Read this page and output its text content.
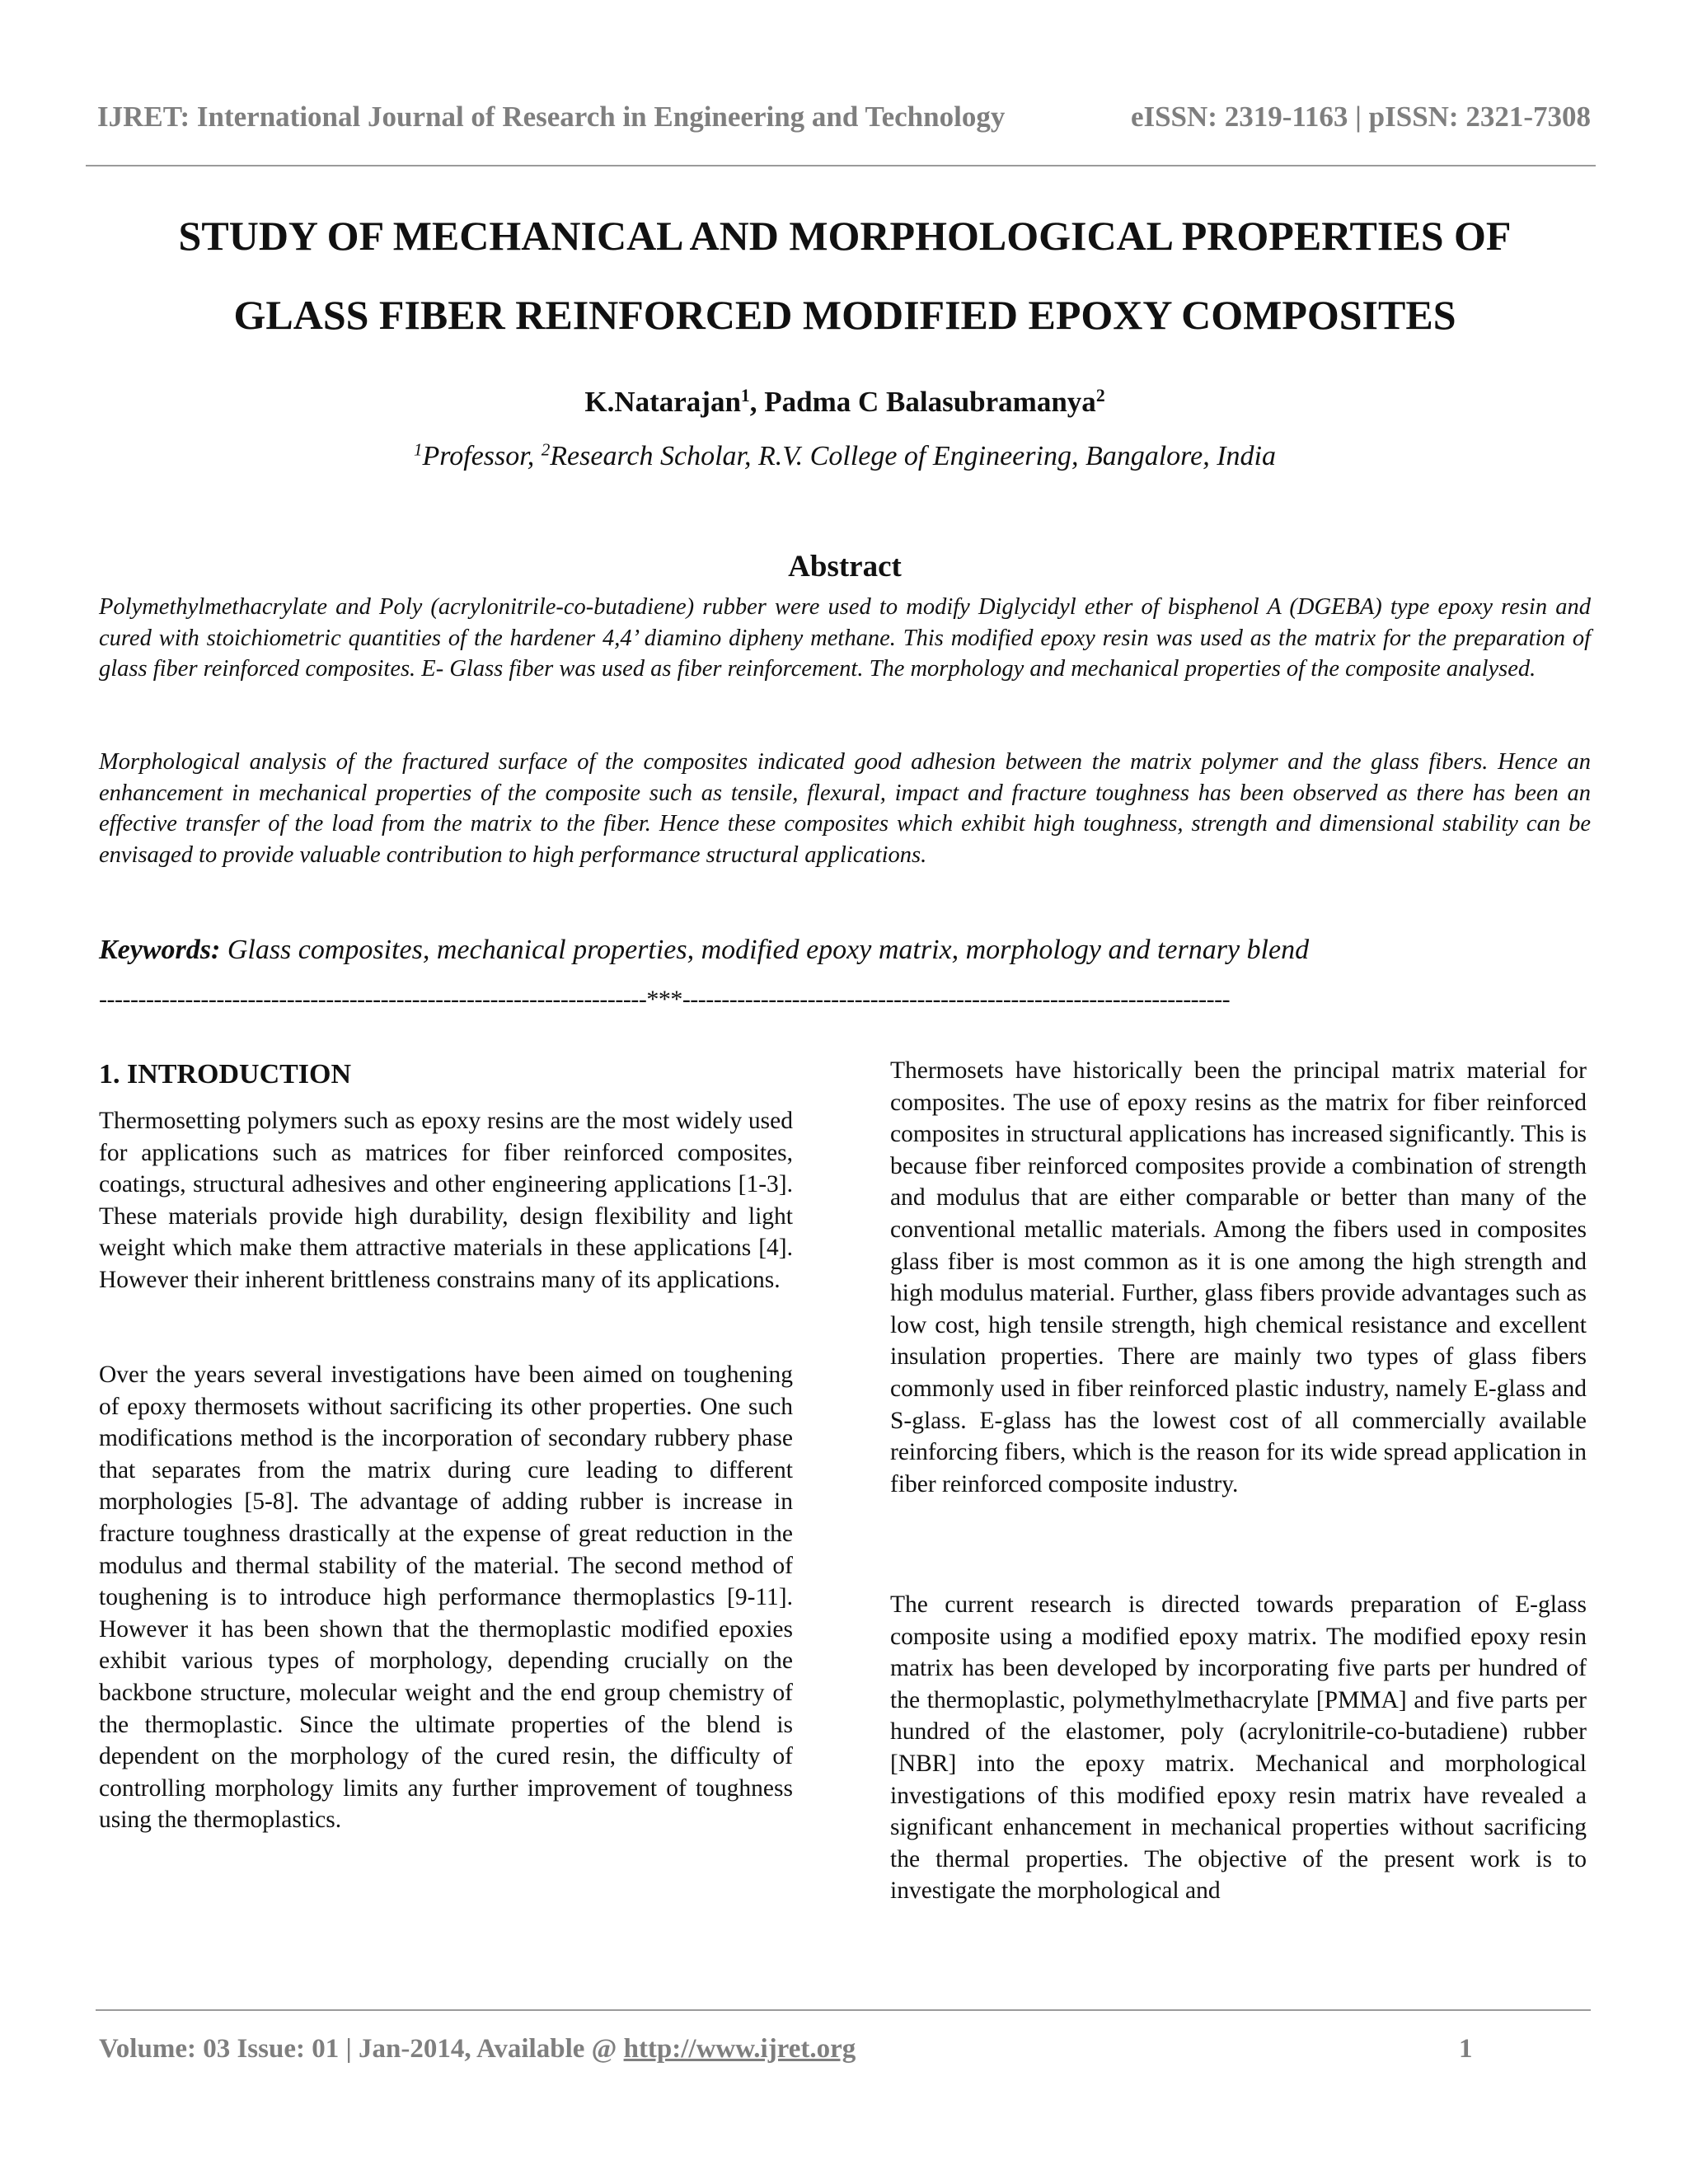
IJRET: International Journal of Research in Engineering and Technology	eISSN: 2319-1163 | pISSN: 2321-7308
STUDY OF MECHANICAL AND MORPHOLOGICAL PROPERTIES OF
GLASS FIBER REINFORCED MODIFIED EPOXY COMPOSITES
K.Natarajan$^1$, Padma C Balasubramanya$^2$
$^1$Professor, $^2$Research Scholar, R.V. College of Engineering, Bangalore, India
Abstract
Polymethylmethacrylate and Poly (acrylonitrile-co-butadiene) rubber were used to modify Diglycidyl ether of bisphenol A (DGEBA) type epoxy resin and cured with stoichiometric quantities of the hardener 4,4’ diamino dipheny methane. This modified epoxy resin was used as the matrix for the preparation of glass fiber reinforced composites. E- Glass fiber was used as fiber reinforcement. The morphology and mechanical properties of the composite analysed.
Morphological analysis of the fractured surface of the composites indicated good adhesion between the matrix polymer and the glass fibers. Hence an enhancement in mechanical properties of the composite such as tensile, flexural, impact and fracture toughness has been observed as there has been an effective transfer of the load from the matrix to the fiber. Hence these composites which exhibit high toughness, strength and dimensional stability can be envisaged to provide valuable contribution to high performance structural applications.
Keywords: Glass composites, mechanical properties, modified epoxy matrix, morphology and ternary blend
----------------------------------------------------------------------***----------------------------------------------------------------------
1. INTRODUCTION

Thermosetting polymers such as epoxy resins are the most widely used for applications such as matrices for fiber reinforced composites, coatings, structural adhesives and other engineering applications [1-3]. These materials provide high durability, design flexibility and light weight which make them attractive materials in these applications [4]. However their inherent brittleness constrains many of its applications.

Over the years several investigations have been aimed on toughening of epoxy thermosets without sacrificing its other properties. One such modifications method is the incorporation of secondary rubbery phase that separates from the matrix during cure leading to different morphologies [5-8]. The advantage of adding rubber is increase in fracture toughness drastically at the expense of great reduction in the modulus and thermal stability of the material. The second method of toughening is to introduce high performance thermoplastics [9-11]. However it has been shown that the thermoplastic modified epoxies exhibit various types of morphology, depending crucially on the backbone structure, molecular weight and the end group chemistry of the thermoplastic. Since the ultimate properties of the blend is dependent on the morphology of the cured resin, the difficulty of controlling morphology limits any further improvement of toughness using the thermoplastics.

Thermosets have historically been the principal matrix material for composites. The use of epoxy resins as the matrix for fiber reinforced composites in structural applications has increased significantly. This is because fiber reinforced composites provide a combination of strength and modulus that are either comparable or better than many of the conventional metallic materials. Among the fibers used in composites glass fiber is most common as it is one among the high strength and high modulus material. Further, glass fibers provide advantages such as low cost, high tensile strength, high chemical resistance and excellent insulation properties. There are mainly two types of glass fibers commonly used in fiber reinforced plastic industry, namely E-glass and S-glass. E-glass has the lowest cost of all commercially available reinforcing fibers, which is the reason for its wide spread application in fiber reinforced composite industry.

The current research is directed towards preparation of E-glass composite using a modified epoxy matrix. The modified epoxy resin matrix has been developed by incorporating five parts per hundred of the thermoplastic, polymethylmethacrylate [PMMA] and five parts per hundred of the elastomer, poly (acrylonitrile-co-butadiene) rubber [NBR] into the epoxy matrix. Mechanical and morphological investigations of this modified epoxy resin matrix have revealed a significant enhancement in mechanical properties without sacrificing the thermal properties. The objective of the present work is to investigate the morphological and

Volume: 03 Issue: 01 | Jan-2014, Available @ http://www.ijret.org	1
